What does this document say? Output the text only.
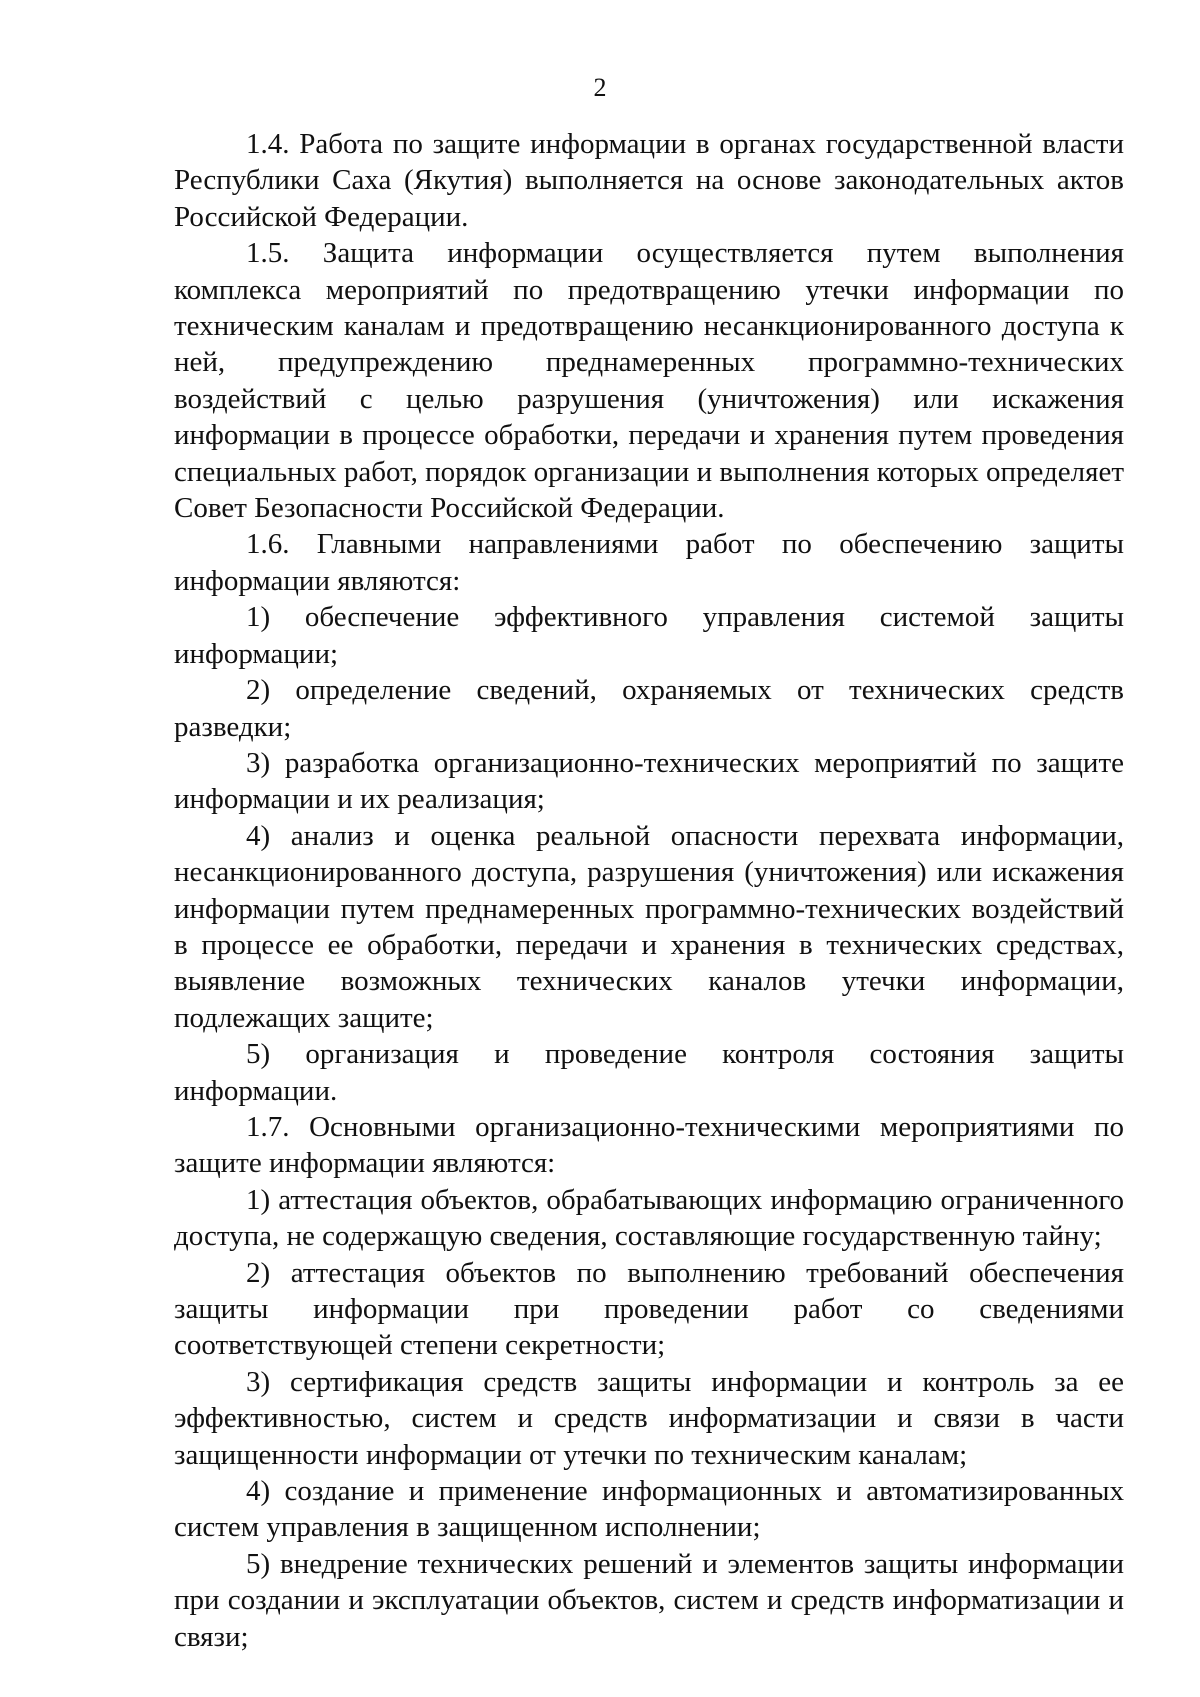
2

1.4. Работа по защите информации в органах государственной власти Республики Саха (Якутия) выполняется на основе законодательных актов Российской Федерации.

1.5. Защита информации осуществляется путем выполнения комплекса мероприятий по предотвращению утечки информации по техническим каналам и предотвращению несанкционированного доступа к ней, предупреждению преднамеренных программно-технических воздействий с целью разрушения (уничтожения) или искажения информации в процессе обработки, передачи и хранения путем проведения специальных работ, порядок организации и выполнения которых определяет Совет Безопасности Российской Федерации.

1.6. Главными направлениями работ по обеспечению защиты информации являются:

1) обеспечение эффективного управления системой защиты информации;

2) определение сведений, охраняемых от технических средств разведки;

3) разработка организационно-технических мероприятий по защите информации и их реализация;

4) анализ и оценка реальной опасности перехвата информации, несанкционированного доступа, разрушения (уничтожения) или искажения информации путем преднамеренных программно-технических воздействий в процессе ее обработки, передачи и хранения в технических средствах, выявление возможных технических каналов утечки информации, подлежащих защите;

5) организация и проведение контроля состояния защиты информации.

1.7. Основными организационно-техническими мероприятиями по защите информации являются:

1) аттестация объектов, обрабатывающих информацию ограниченного доступа, не содержащую сведения, составляющие государственную тайну;

2) аттестация объектов по выполнению требований обеспечения защиты информации при проведении работ со сведениями соответствующей степени секретности;

3) сертификация средств защиты информации и контроль за ее эффективностью, систем и средств информатизации и связи в части защищенности информации от утечки по техническим каналам;

4) создание и применение информационных и автоматизированных систем управления в защищенном исполнении;

5) внедрение технических решений и элементов защиты информации при создании и эксплуатации объектов, систем и средств информатизации и связи;
